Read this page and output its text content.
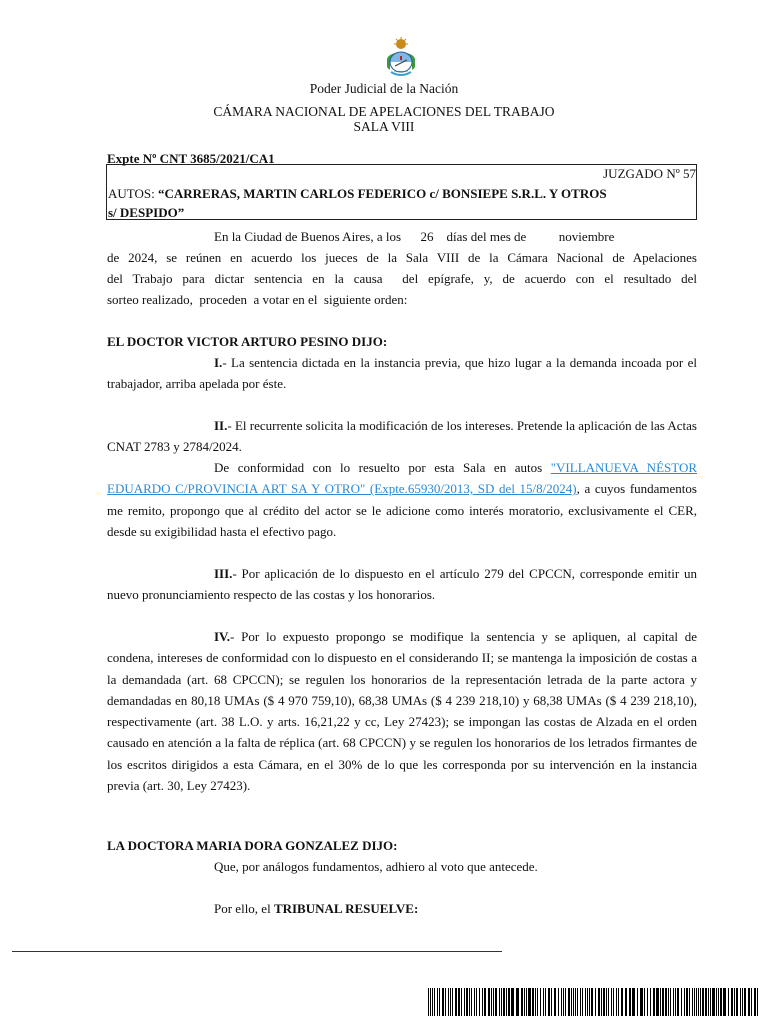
Poder Judicial de la Nación
CÁMARA NACIONAL DE APELACIONES DEL TRABAJO
SALA VIII
Expte Nº CNT 3685/2021/CA1
JUZGADO Nº 57
AUTOS: “CARRERAS, MARTIN CARLOS FEDERICO c/ BONSIEPE S.R.L. Y OTROS
s/ DESPIDO”
En la Ciudad de Buenos Aires, a los      26    días del mes de          noviembre
de 2024, se reúnen en acuerdo los jueces de la Sala VIII de la Cámara Nacional de Apelaciones
del Trabajo para dictar sentencia en la causa  del epígrafe, y, de acuerdo con el resultado del
sorteo realizado,  proceden  a votar en el  siguiente orden:
EL DOCTOR VICTOR ARTURO PESINO DIJO:
I.- La sentencia dictada en la instancia previa, que hizo lugar a la demanda incoada por el trabajador, arriba apelada por éste.
II.- El recurrente solicita la modificación de los intereses. Pretende la aplicación de las Actas CNAT 2783 y 2784/2024.
De conformidad con lo resuelto por esta Sala en autos "VILLANUEVA NÉSTOR EDUARDO C/PROVINCIA ART SA Y OTRO" (Expte.65930/2013, SD del 15/8/2024), a cuyos fundamentos me remito, propongo que al crédito del actor se le adicione como interés moratorio, exclusivamente el CER, desde su exigibilidad hasta el efectivo pago.
III.- Por aplicación de lo dispuesto en el artículo 279 del CPCCN, corresponde emitir un nuevo pronunciamiento respecto de las costas y los honorarios.
IV.- Por lo expuesto propongo se modifique la sentencia y se apliquen, al capital de condena, intereses de conformidad con lo dispuesto en el considerando II; se mantenga la imposición de costas a la demandada (art. 68 CPCCN); se regulen los honorarios de la representación letrada de la parte actora y demandadas en 80,18 UMAs ($ 4 970 759,10), 68,38 UMAs ($ 4 239 218,10) y 68,38 UMAs ($ 4 239 218,10), respectivamente (art. 38 L.O. y arts. 16,21,22 y cc, Ley 27423); se impongan las costas de Alzada en el orden causado en atención a la falta de réplica (art. 68 CPCCN) y se regulen los honorarios de los letrados firmantes de los escritos dirigidos a esta Cámara, en el 30% de lo que les corresponda por su intervención en la instancia previa (art. 30, Ley 27423).
LA DOCTORA MARIA DORA GONZALEZ DIJO:
Que, por análogos fundamentos, adhiero al voto que antecede.
Por ello, el TRIBUNAL RESUELVE:
